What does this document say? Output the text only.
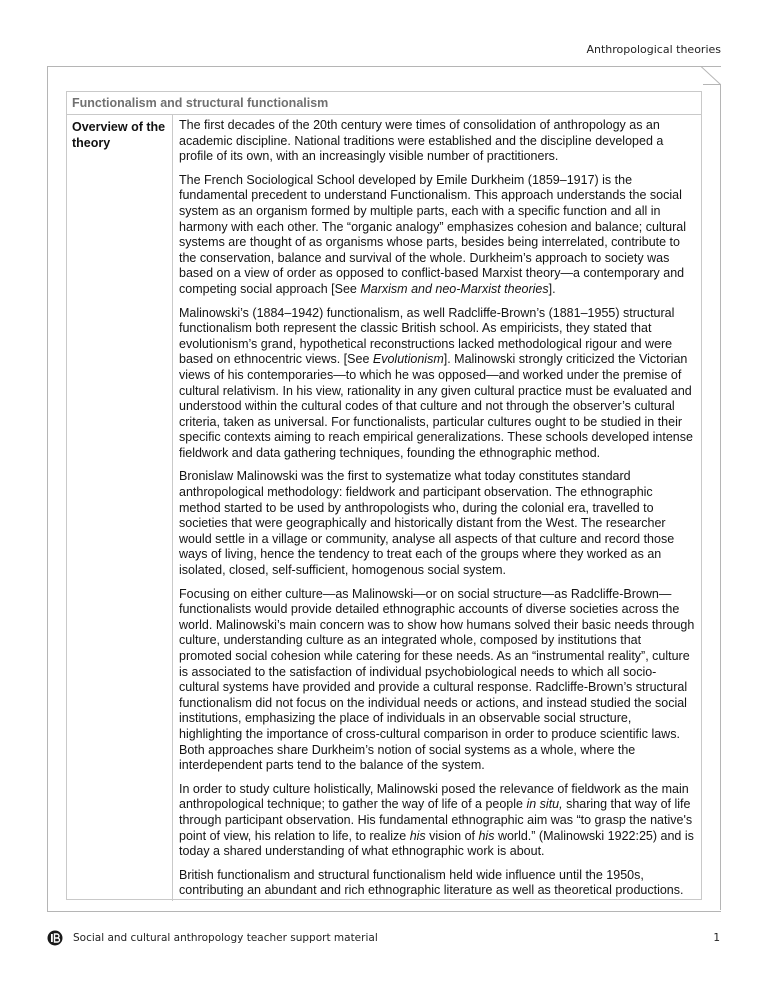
Anthropological theories
Functionalism and structural functionalism
Overview of the theory

The first decades of the 20th century were times of consolidation of anthropology as an academic discipline. National traditions were established and the discipline developed a profile of its own, with an increasingly visible number of practitioners.

The French Sociological School developed by Emile Durkheim (1859–1917) is the fundamental precedent to understand Functionalism. This approach understands the social system as an organism formed by multiple parts, each with a specific function and all in harmony with each other. The “organic analogy” emphasizes cohesion and balance; cultural systems are thought of as organisms whose parts, besides being interrelated, contribute to the conservation, balance and survival of the whole. Durkheim’s approach to society was based on a view of order as opposed to conflict-based Marxist theory—a contemporary and competing social approach [See Marxism and neo-Marxist theories].

Malinowski’s (1884–1942) functionalism, as well Radcliffe-Brown’s (1881–1955) structural functionalism both represent the classic British school. As empiricists, they stated that evolutionism’s grand, hypothetical reconstructions lacked methodological rigour and were based on ethnocentric views. [See Evolutionism]. Malinowski strongly criticized the Victorian views of his contemporaries—to which he was opposed—and worked under the premise of cultural relativism. In his view, rationality in any given cultural practice must be evaluated and understood within the cultural codes of that culture and not through the observer’s cultural criteria, taken as universal. For functionalists, particular cultures ought to be studied in their specific contexts aiming to reach empirical generalizations. These schools developed intense fieldwork and data gathering techniques, founding the ethnographic method.

Bronislaw Malinowski was the first to systematize what today constitutes standard anthropological methodology: fieldwork and participant observation. The ethnographic method started to be used by anthropologists who, during the colonial era, travelled to societies that were geographically and historically distant from the West. The researcher would settle in a village or community, analyse all aspects of that culture and record those ways of living, hence the tendency to treat each of the groups where they worked as an isolated, closed, self-sufficient, homogenous social system.

Focusing on either culture—as Malinowski—or on social structure—as Radcliffe-Brown—functionalists would provide detailed ethnographic accounts of diverse societies across the world. Malinowski’s main concern was to show how humans solved their basic needs through culture, understanding culture as an integrated whole, composed by institutions that promoted social cohesion while catering for these needs. As an “instrumental reality”, culture is associated to the satisfaction of individual psychobiological needs to which all socio-cultural systems have provided and provide a cultural response. Radcliffe-Brown’s structural functionalism did not focus on the individual needs or actions, and instead studied the social institutions, emphasizing the place of individuals in an observable social structure, highlighting the importance of cross-cultural comparison in order to produce scientific laws. Both approaches share Durkheim’s notion of social systems as a whole, where the interdependent parts tend to the balance of the system.

In order to study culture holistically, Malinowski posed the relevance of fieldwork as the main anthropological technique; to gather the way of life of a people in situ, sharing that way of life through participant observation. His fundamental ethnographic aim was “to grasp the native's point of view, his relation to life, to realize his vision of his world.” (Malinowski 1922:25) and is today a shared understanding of what ethnographic work is about.

British functionalism and structural functionalism held wide influence until the 1950s, contributing an abundant and rich ethnographic literature as well as theoretical productions.

Social and cultural anthropology teacher support material	1
